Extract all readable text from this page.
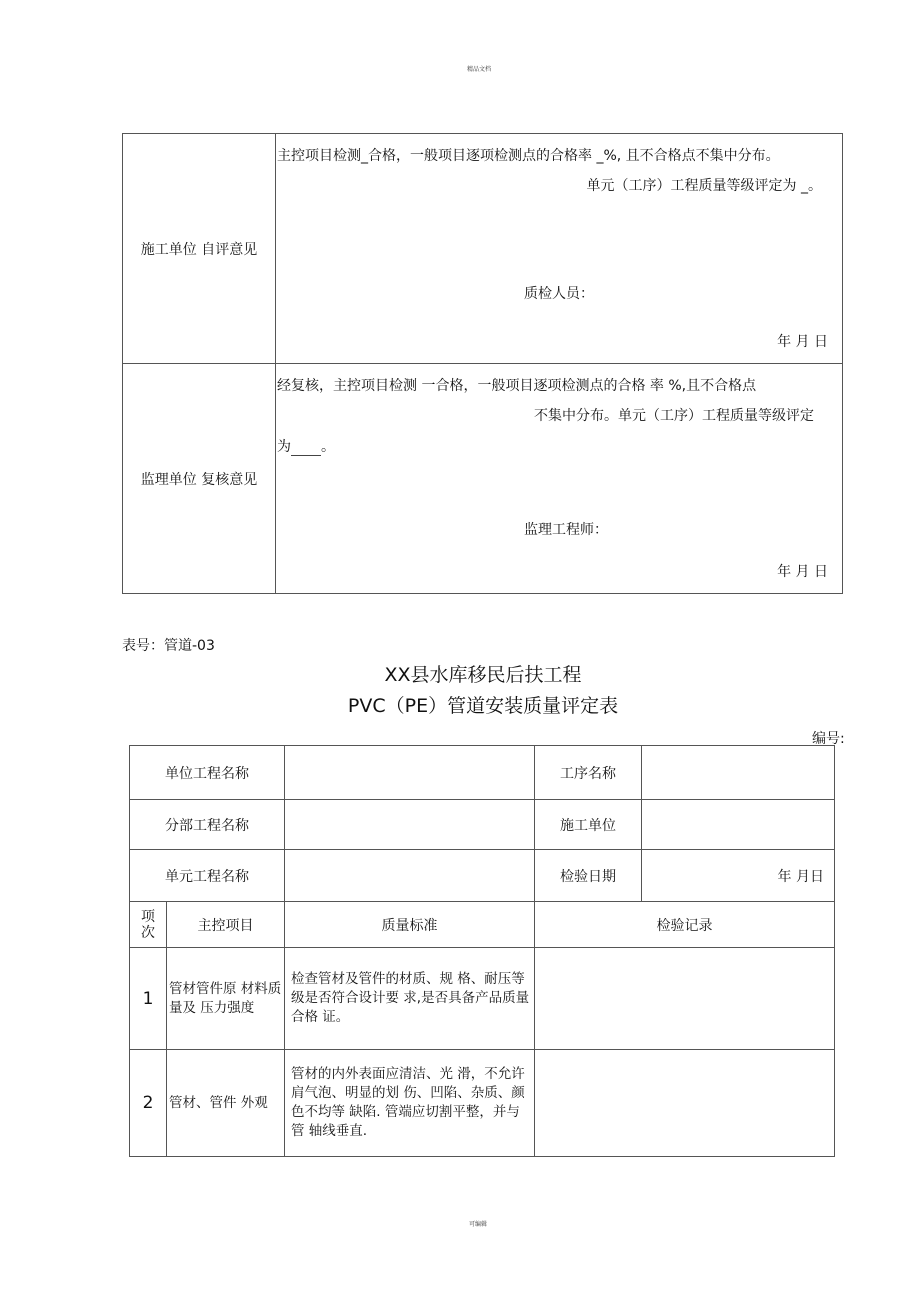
精品文档
施工单位 自评意见	主控项目检测_合格，一般项目逐项检测点的合格率 _%, 且不合格点不集中分布。
单元（工序）工程质量等级评定为 _。
质检人员：
年 月 日

监理单位 复核意见	经复核，主控项目检测 一合格，一般项目逐项检测点的合格 率 %,且不合格点
不集中分布。单元（工序）工程质量等级评定
为 。
监理工程师：
年 月 日
表号：管道-03
XX县水库移民后扶工程
PVC（PE）管道安装质量评定表
编号:
单位工程名称			工序名称	
分部工程名称			施工单位	
单元工程名称			检验日期	年 月日
项次	主控项目	质量标准	检验记录	
1	管材管件原 材料质量及 压力强度	检查管材及管件的材质、规 格、耐压等级是否符合设计要 求,是否具备产品质量合格 证。		
2	管材、管件 外观	管材的内外表面应清洁、光 滑，不允许肩气泡、明显的划 伤、凹陷、杂质、颜色不均等 缺陷. 管端应切割平整，并与管 轴线垂直.		
可编辑
